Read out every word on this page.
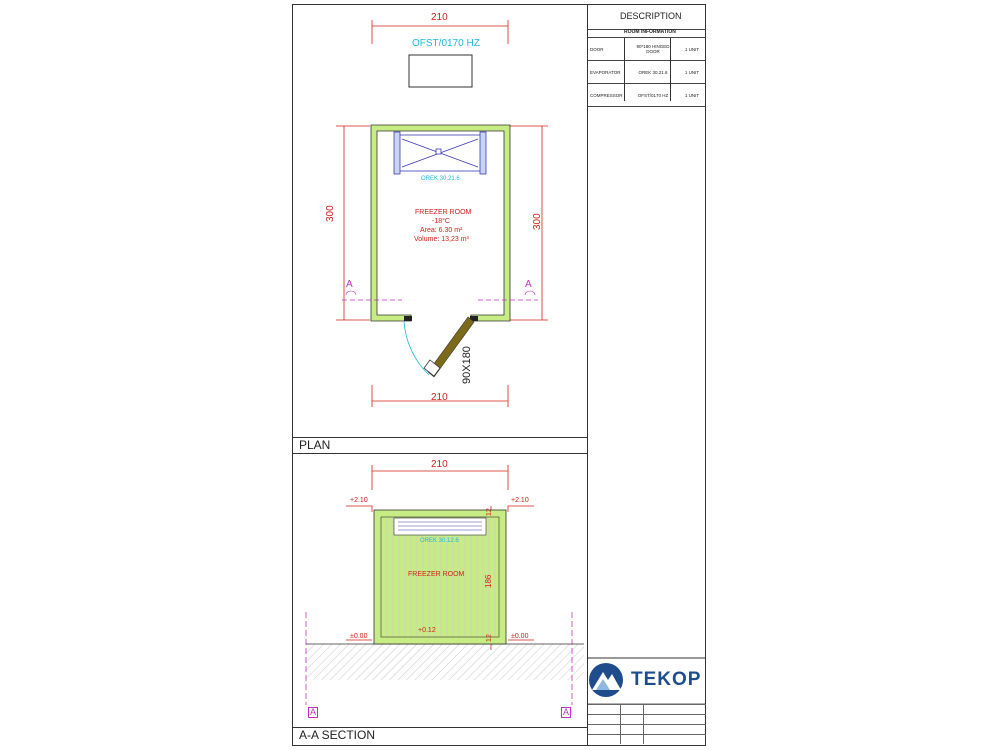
DESCRIPTION
ROOM INFORMATION
DOOR	90*180 HINGED DOOR	1 UNIT
EVAPORATOR	OREK 30.21.6	1 UNIT
COMPRESSOR	OFST/0170 HZ	1 UNIT
210
OFST/0170 HZ
300	300
OREK 30.21.6
FREEZER ROOM
-18°C
Area: 6.30 m²
Volume: 13,23 m³
A	A
90X180
210
PLAN
210
+2.10	+2.10
OREK 30.12.6
FREEZER ROOM
12
186
12
+0.12
±0.00	±0.00
A	A
A-A SECTION
TEKOP
